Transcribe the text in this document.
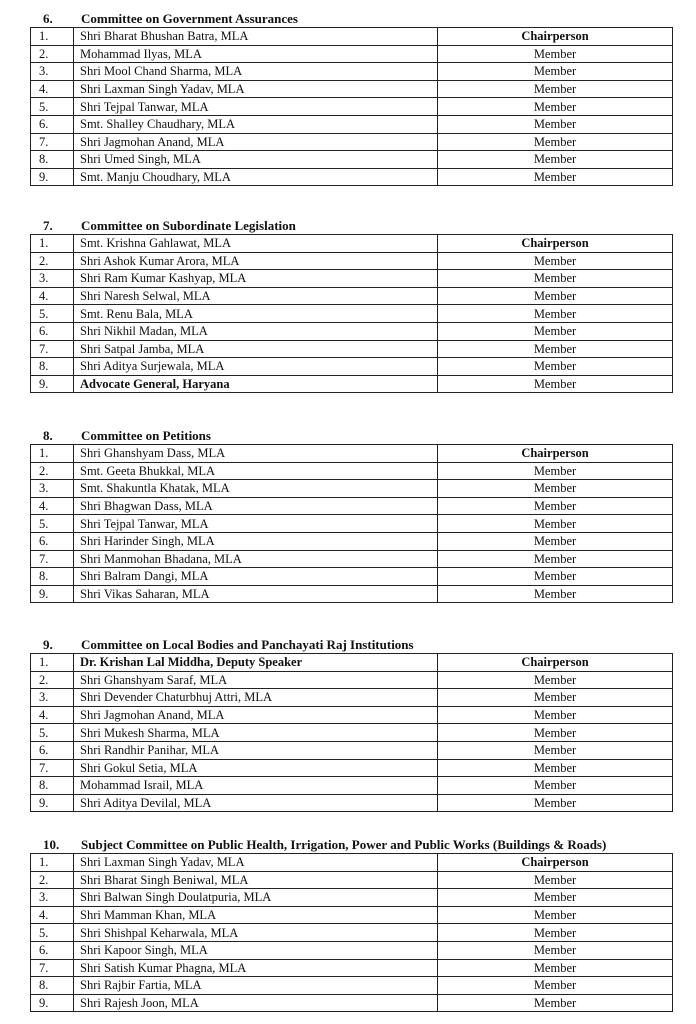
6. Committee on Government Assurances
1.	Shri Bharat Bhushan Batra, MLA	Chairperson
2.	Mohammad Ilyas, MLA	Member
3.	Shri Mool Chand Sharma, MLA	Member
4.	Shri Laxman Singh Yadav, MLA	Member
5.	Shri Tejpal Tanwar, MLA	Member
6.	Smt. Shalley Chaudhary, MLA	Member
7.	Shri Jagmohan Anand, MLA	Member
8.	Shri Umed Singh, MLA	Member
9.	Smt. Manju Choudhary, MLA	Member
7. Committee on Subordinate Legislation
1.	Smt. Krishna Gahlawat, MLA	Chairperson
2.	Shri Ashok Kumar Arora, MLA	Member
3.	Shri Ram Kumar Kashyap, MLA	Member
4.	Shri Naresh Selwal, MLA	Member
5.	Smt. Renu Bala, MLA	Member
6.	Shri Nikhil Madan, MLA	Member
7.	Shri Satpal Jamba, MLA	Member
8.	Shri Aditya Surjewala, MLA	Member
9.	Advocate General, Haryana	Member
8. Committee on Petitions
1.	Shri Ghanshyam Dass, MLA	Chairperson
2.	Smt. Geeta Bhukkal, MLA	Member
3.	Smt. Shakuntla Khatak, MLA	Member
4.	Shri Bhagwan Dass, MLA	Member
5.	Shri Tejpal Tanwar, MLA	Member
6.	Shri Harinder Singh, MLA	Member
7.	Shri Manmohan Bhadana, MLA	Member
8.	Shri Balram Dangi, MLA	Member
9.	Shri Vikas Saharan, MLA	Member
9. Committee on Local Bodies and Panchayati Raj Institutions
1.	Dr. Krishan Lal Middha, Deputy Speaker	Chairperson
2.	Shri Ghanshyam Saraf, MLA	Member
3.	Shri Devender Chaturbhuj Attri, MLA	Member
4.	Shri Jagmohan Anand, MLA	Member
5.	Shri Mukesh Sharma, MLA	Member
6.	Shri Randhir Panihar, MLA	Member
7.	Shri Gokul Setia, MLA	Member
8.	Mohammad Israil, MLA	Member
9.	Shri Aditya Devilal, MLA	Member
10. Subject Committee on Public Health, Irrigation, Power and Public Works (Buildings & Roads)
1.	Shri Laxman Singh Yadav, MLA	Chairperson
2.	Shri Bharat Singh Beniwal, MLA	Member
3.	Shri Balwan Singh Doulatpuria, MLA	Member
4.	Shri Mamman Khan, MLA	Member
5.	Shri Shishpal Keharwala, MLA	Member
6.	Shri Kapoor Singh, MLA	Member
7.	Shri Satish Kumar Phagna, MLA	Member
8.	Shri Rajbir Fartia, MLA	Member
9.	Shri Rajesh Joon, MLA	Member
